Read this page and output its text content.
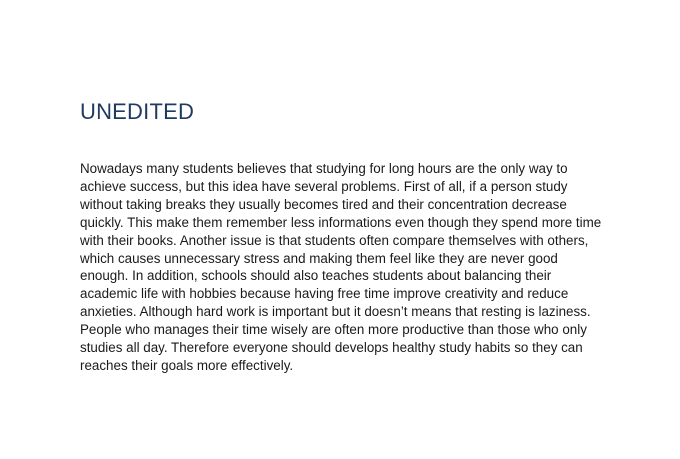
UNEDITED

Nowadays many students believes that studying for long hours are the only way to
achieve success, but this idea have several problems. First of all, if a person study
without taking breaks they usually becomes tired and their concentration decrease
quickly. This make them remember less informations even though they spend more time
with their books. Another issue is that students often compare themselves with others,
which causes unnecessary stress and making them feel like they are never good
enough. In addition, schools should also teaches students about balancing their
academic life with hobbies because having free time improve creativity and reduce
anxieties. Although hard work is important but it doesn’t means that resting is laziness.
People who manages their time wisely are often more productive than those who only
studies all day. Therefore everyone should develops healthy study habits so they can
reaches their goals more effectively.
